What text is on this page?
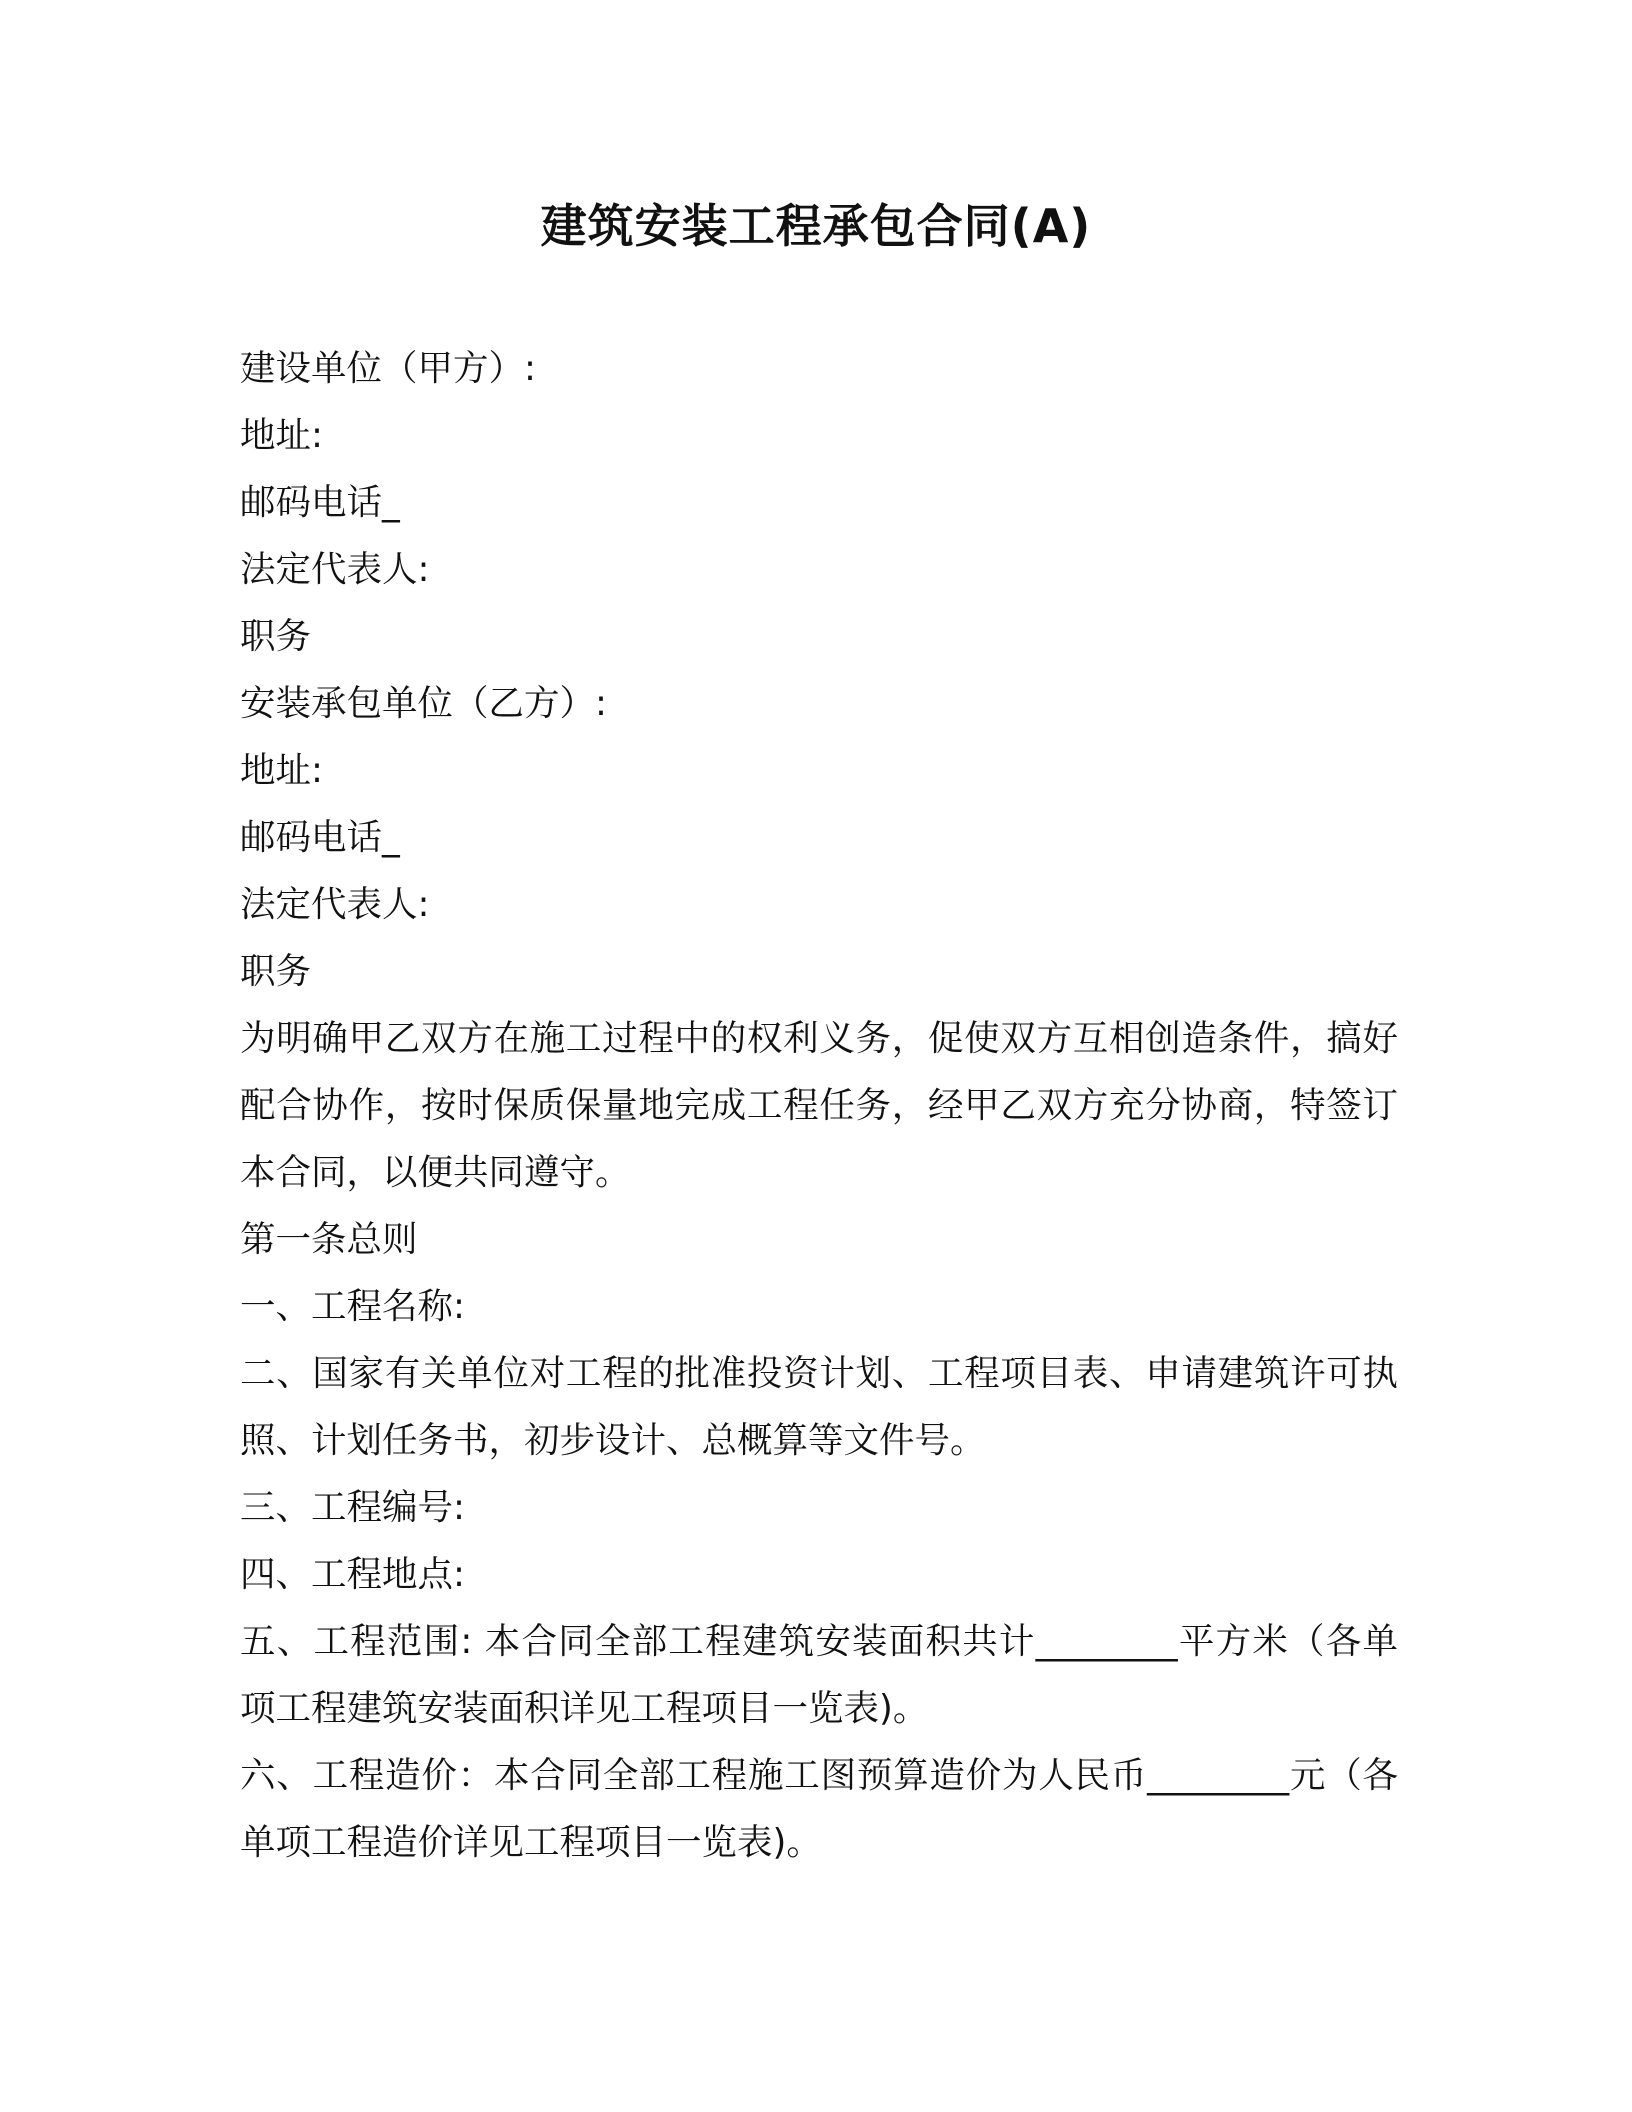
建筑安装工程承包合同(A)
建设单位（甲方）:
地址:
邮码电话_
法定代表人:
职务
安装承包单位（乙方）:
地址:
邮码电话_
法定代表人:
职务
为明确甲乙双方在施工过程中的权利义务，促使双方互相创造条件，搞好配合协作，按时保质保量地完成工程任务，经甲乙双方充分协商，特签订本合同，以便共同遵守。
第一条总则
一、工程名称:
二、国家有关单位对工程的批准投资计划、工程项目表、申请建筑许可执照、计划任务书，初步设计、总概算等文件号。
三、工程编号:
四、工程地点:
五、工程范围: 本合同全部工程建筑安装面积共计________平方米（各单项工程建筑安装面积详见工程项目一览表)。
六、工程造价：本合同全部工程施工图预算造价为人民币________元（各单项工程造价详见工程项目一览表)。
